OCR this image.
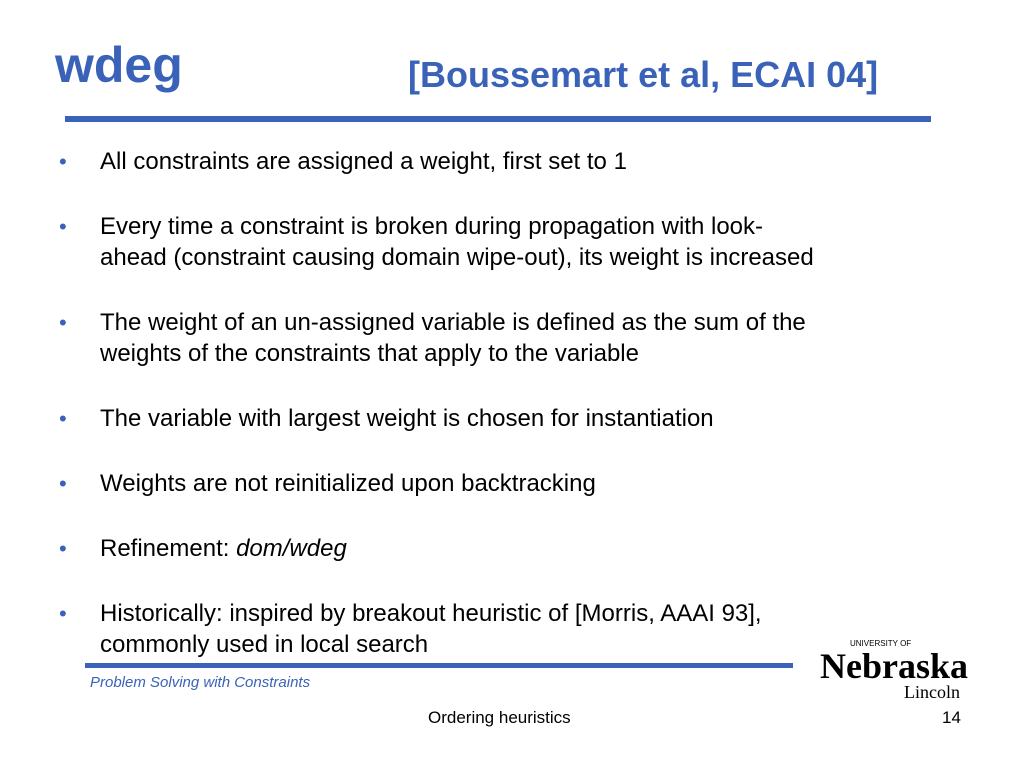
wdeg	[Boussemart et al, ECAI 04]
• All constraints are assigned a weight, first set to 1
• Every time a constraint is broken during propagation with look-
ahead (constraint causing domain wipe-out), its weight is increased
• The weight of an un-assigned variable is defined as the sum of the
weights of the constraints that apply to the variable
• The variable with largest weight is chosen for instantiation
• Weights are not reinitialized upon backtracking
• Refinement: dom/wdeg
• Historically: inspired by breakout heuristic of [Morris, AAAI 93],
commonly used in local search
Problem Solving with Constraints
Ordering heuristics	14
UNIVERSITY OF
Nebraska
Lincoln
